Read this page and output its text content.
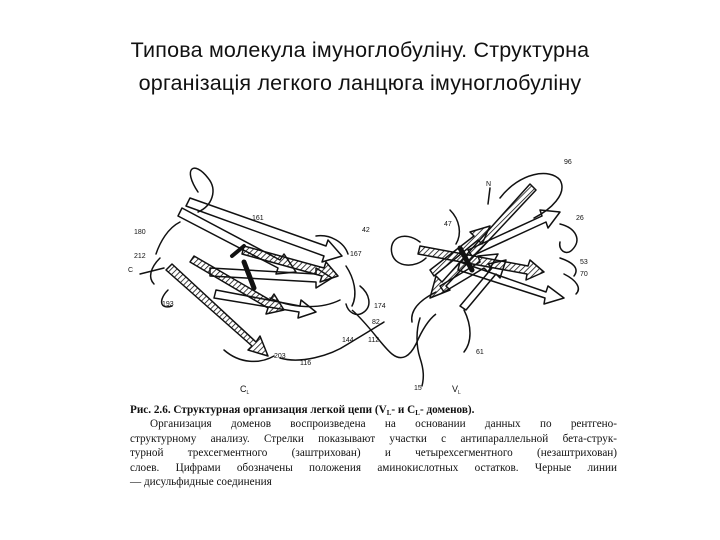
Типова молекула імуноглобуліну. Структурна
організація легкого ланцюга імуноглобуліну
96
N
26
47
42
161
180
212
C
193
167
53
70
174
82
144 112
203
116
61
15
$C_L$	$V_L$
Рис. 2.6. Структурная организация легкой цепи ($V_L-$ и $C_L-$ доменов).
Организация доменов воспроизведена на основании данных по рентгено-
структурному анализу. Стрелки показывают участки с антипараллельной бета-струк-
турной трехсегментного (заштрихован) и четырехсегментного (незаштрихован)
слоев. Цифрами обозначены положения аминокислотных остатков. Черные линии
— дисульфидные соединения
